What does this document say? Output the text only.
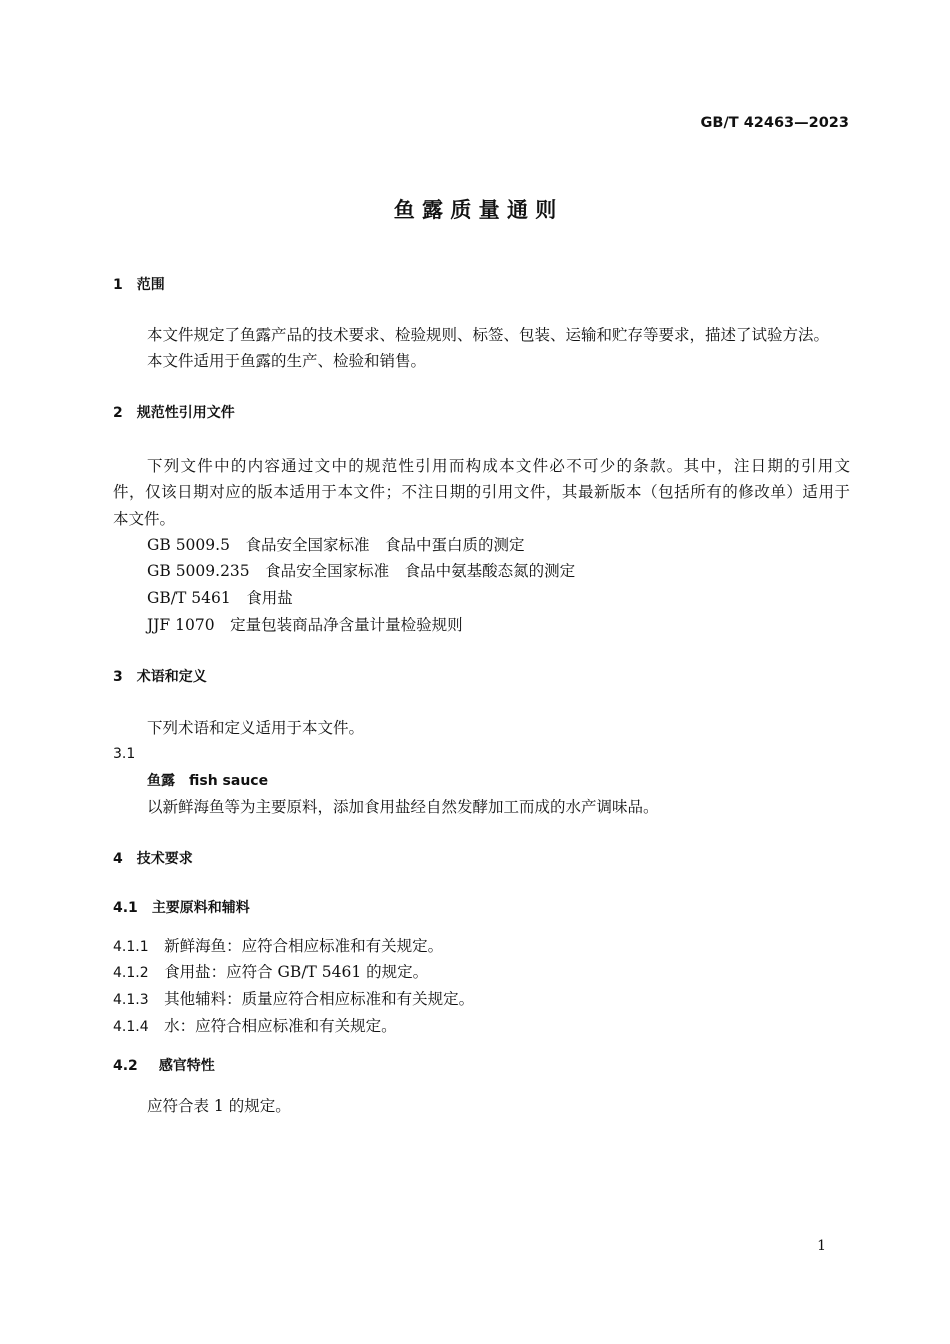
GB/T 42463—2023
鱼 露 质 量 通 则
1  范围
本文件规定了鱼露产品的技术要求、检验规则、标签、包装、运输和贮存等要求，描述了试验方法。
本文件适用于鱼露的生产、检验和销售。
2  规范性引用文件
下列文件中的内容通过文中的规范性引用而构成本文件必不可少的条款。其中，注日期的引用文
件，仅该日期对应的版本适用于本文件；不注日期的引用文件，其最新版本（包括所有的修改单）适用于
本文件。
GB 5009.5  食品安全国家标准　食品中蛋白质的测定
GB 5009.235  食品安全国家标准　食品中氨基酸态氮的测定
GB/T 5461  食用盐
JJF 1070  定量包装商品净含量计量检验规则
3  术语和定义
下列术语和定义适用于本文件。
3.1
鱼露　fish sauce
以新鲜海鱼等为主要原料，添加食用盐经自然发酵加工而成的水产调味品。
4  技术要求
4.1   主要原料和辅料
4.1.1   新鲜海鱼：应符合相应标准和有关规定。
4.1.2   食用盐：应符合 GB/T 5461 的规定。
4.1.3   其他辅料：质量应符合相应标准和有关规定。
4.1.4   水：应符合相应标准和有关规定。
4.2    感官特性
应符合表 1 的规定。
1
